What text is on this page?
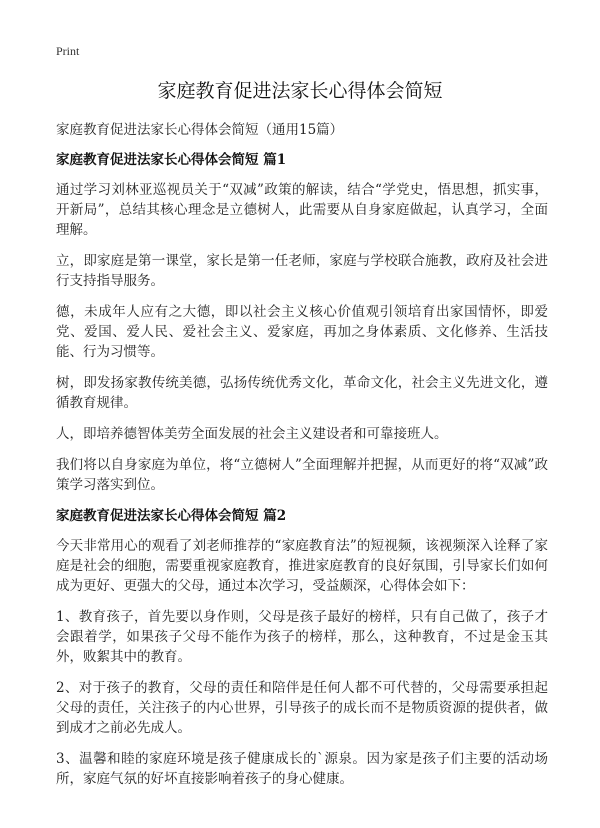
Print
家庭教育促进法家长心得体会简短

家庭教育促进法家长心得体会简短（通用15篇）

家庭教育促进法家长心得体会简短 篇1

通过学习刘林亚巡视员关于“双减”政策的解读，结合“学党史，悟思想，抓实事，开新局”，总结其核心理念是立德树人，此需要从自身家庭做起，认真学习，全面理解。

立，即家庭是第一课堂，家长是第一任老师，家庭与学校联合施教，政府及社会进行支持指导服务。

德，未成年人应有之大德，即以社会主义核心价值观引领培育出家国情怀，即爱党、爱国、爱人民、爱社会主义、爱家庭，再加之身体素质、文化修养、生活技能、行为习惯等。

树，即发扬家教传统美德，弘扬传统优秀文化，革命文化，社会主义先进文化，遵循教育规律。

人，即培养德智体美劳全面发展的社会主义建设者和可靠接班人。

我们将以自身家庭为单位，将“立德树人”全面理解并把握，从而更好的将“双减”政策学习落实到位。

家庭教育促进法家长心得体会简短 篇2

今天非常用心的观看了刘老师推荐的“家庭教育法”的短视频，该视频深入诠释了家庭是社会的细胞，需要重视家庭教育，推进家庭教育的良好氛围，引导家长们如何成为更好、更强大的父母，通过本次学习，受益颇深，心得体会如下：

1、教育孩子，首先要以身作则，父母是孩子最好的榜样，只有自己做了，孩子才会跟着学，如果孩子父母不能作为孩子的榜样，那么，这种教育，不过是金玉其外，败絮其中的教育。

2、对于孩子的教育，父母的责任和陪伴是任何人都不可代替的，父母需要承担起父母的责任，关注孩子的内心世界，引导孩子的成长而不是物质资源的提供者，做到成才之前必先成人。

3、温馨和睦的家庭环境是孩子健康成长的`源泉。因为家是孩子们主要的活动场所，家庭气氛的好坏直接影响着孩子的身心健康。
